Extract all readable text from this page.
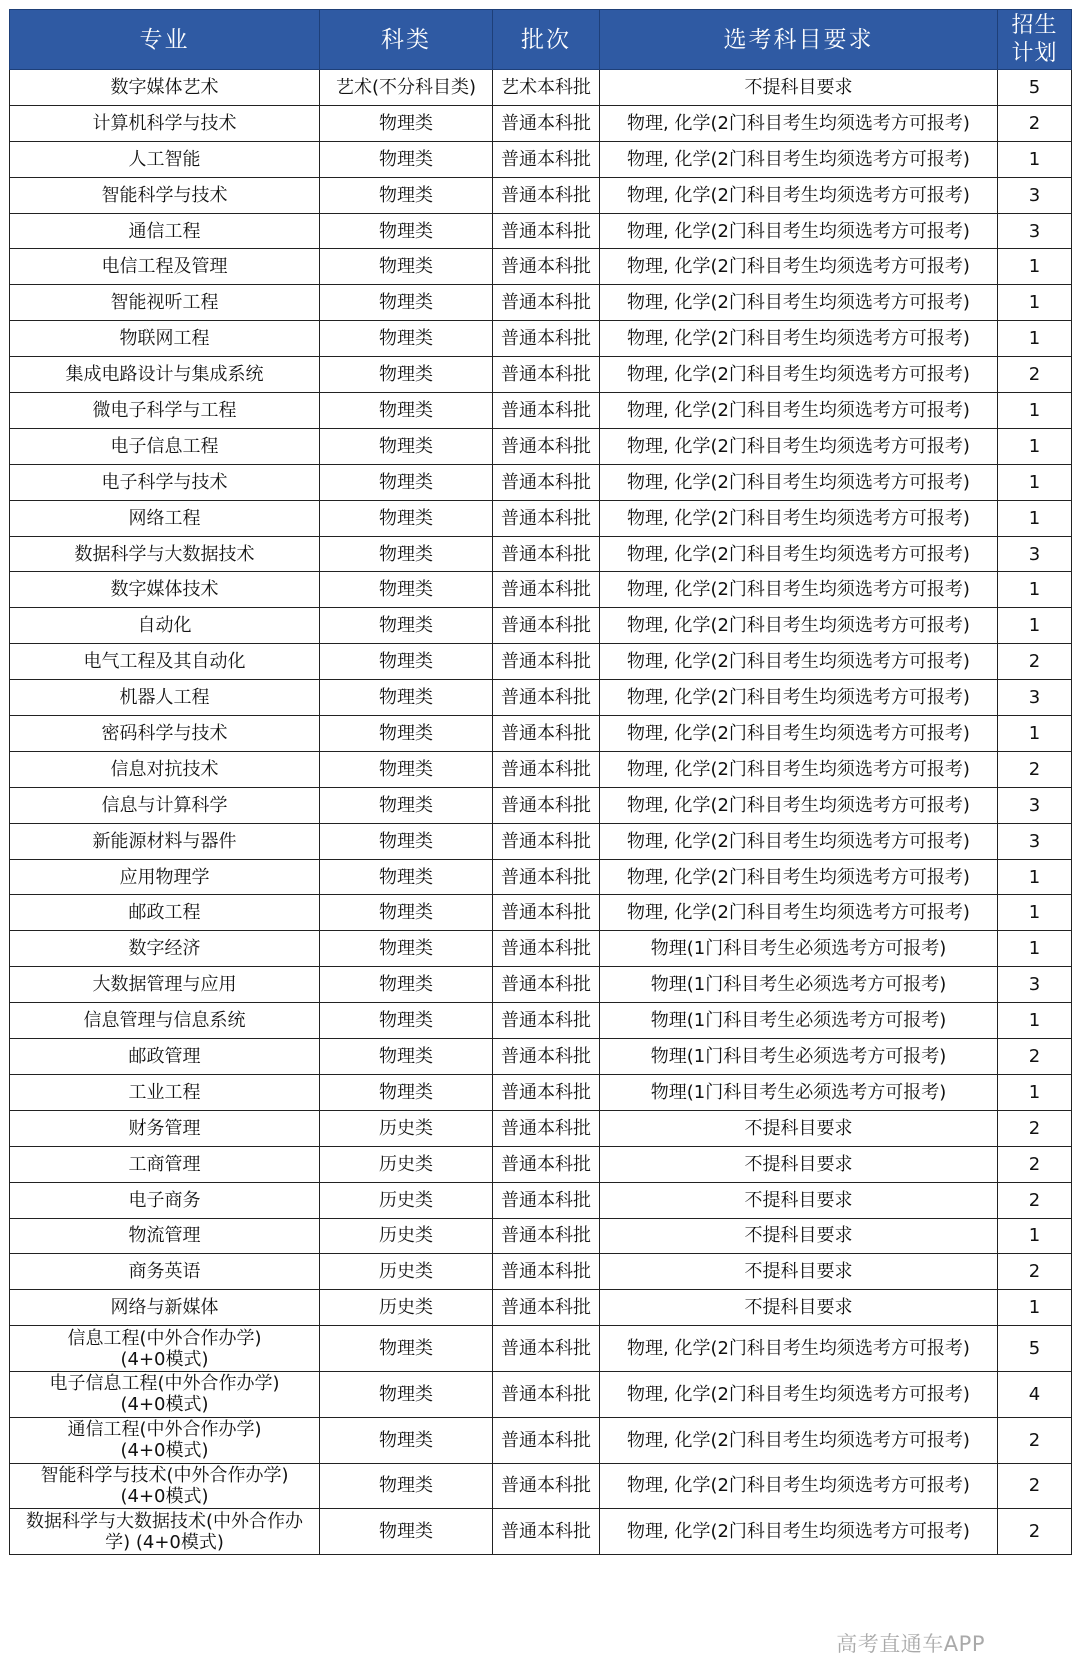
专业	科类	批次	选考科目要求	招生
计划

数字媒体艺术	艺术(不分科目类)	艺术本科批	不提科目要求	5
计算机科学与技术	物理类	普通本科批	物理, 化学(2门科目考生均须选考方可报考)	2
人工智能	物理类	普通本科批	物理, 化学(2门科目考生均须选考方可报考)	1
智能科学与技术	物理类	普通本科批	物理, 化学(2门科目考生均须选考方可报考)	3
通信工程	物理类	普通本科批	物理, 化学(2门科目考生均须选考方可报考)	3
电信工程及管理	物理类	普通本科批	物理, 化学(2门科目考生均须选考方可报考)	1
智能视听工程	物理类	普通本科批	物理, 化学(2门科目考生均须选考方可报考)	1
物联网工程	物理类	普通本科批	物理, 化学(2门科目考生均须选考方可报考)	1
集成电路设计与集成系统	物理类	普通本科批	物理, 化学(2门科目考生均须选考方可报考)	2
微电子科学与工程	物理类	普通本科批	物理, 化学(2门科目考生均须选考方可报考)	1
电子信息工程	物理类	普通本科批	物理, 化学(2门科目考生均须选考方可报考)	1
电子科学与技术	物理类	普通本科批	物理, 化学(2门科目考生均须选考方可报考)	1
网络工程	物理类	普通本科批	物理, 化学(2门科目考生均须选考方可报考)	1
数据科学与大数据技术	物理类	普通本科批	物理, 化学(2门科目考生均须选考方可报考)	3
数字媒体技术	物理类	普通本科批	物理, 化学(2门科目考生均须选考方可报考)	1
自动化	物理类	普通本科批	物理, 化学(2门科目考生均须选考方可报考)	1
电气工程及其自动化	物理类	普通本科批	物理, 化学(2门科目考生均须选考方可报考)	2
机器人工程	物理类	普通本科批	物理, 化学(2门科目考生均须选考方可报考)	3
密码科学与技术	物理类	普通本科批	物理, 化学(2门科目考生均须选考方可报考)	1
信息对抗技术	物理类	普通本科批	物理, 化学(2门科目考生均须选考方可报考)	2
信息与计算科学	物理类	普通本科批	物理, 化学(2门科目考生均须选考方可报考)	3
新能源材料与器件	物理类	普通本科批	物理, 化学(2门科目考生均须选考方可报考)	3
应用物理学	物理类	普通本科批	物理, 化学(2门科目考生均须选考方可报考)	1
邮政工程	物理类	普通本科批	物理, 化学(2门科目考生均须选考方可报考)	1
数字经济	物理类	普通本科批	物理(1门科目考生必须选考方可报考)	1
大数据管理与应用	物理类	普通本科批	物理(1门科目考生必须选考方可报考)	3
信息管理与信息系统	物理类	普通本科批	物理(1门科目考生必须选考方可报考)	1
邮政管理	物理类	普通本科批	物理(1门科目考生必须选考方可报考)	2
工业工程	物理类	普通本科批	物理(1门科目考生必须选考方可报考)	1
财务管理	历史类	普通本科批	不提科目要求	2
工商管理	历史类	普通本科批	不提科目要求	2
电子商务	历史类	普通本科批	不提科目要求	2
物流管理	历史类	普通本科批	不提科目要求	1
商务英语	历史类	普通本科批	不提科目要求	2
网络与新媒体	历史类	普通本科批	不提科目要求	1

信息工程(中外合作办学)
(4+0模式)	物理类	普通本科批	物理, 化学(2门科目考生均须选考方可报考)	5

电子信息工程(中外合作办学)
(4+0模式)	物理类	普通本科批	物理, 化学(2门科目考生均须选考方可报考)	4

通信工程(中外合作办学)
(4+0模式)	物理类	普通本科批	物理, 化学(2门科目考生均须选考方可报考)	2

智能科学与技术(中外合作办学)
(4+0模式)	物理类	普通本科批	物理, 化学(2门科目考生均须选考方可报考)	2

数据科学与大数据技术(中外合作办
学) (4+0模式)	物理类	普通本科批	物理, 化学(2门科目考生均须选考方可报考)	2
高考直通车APP
